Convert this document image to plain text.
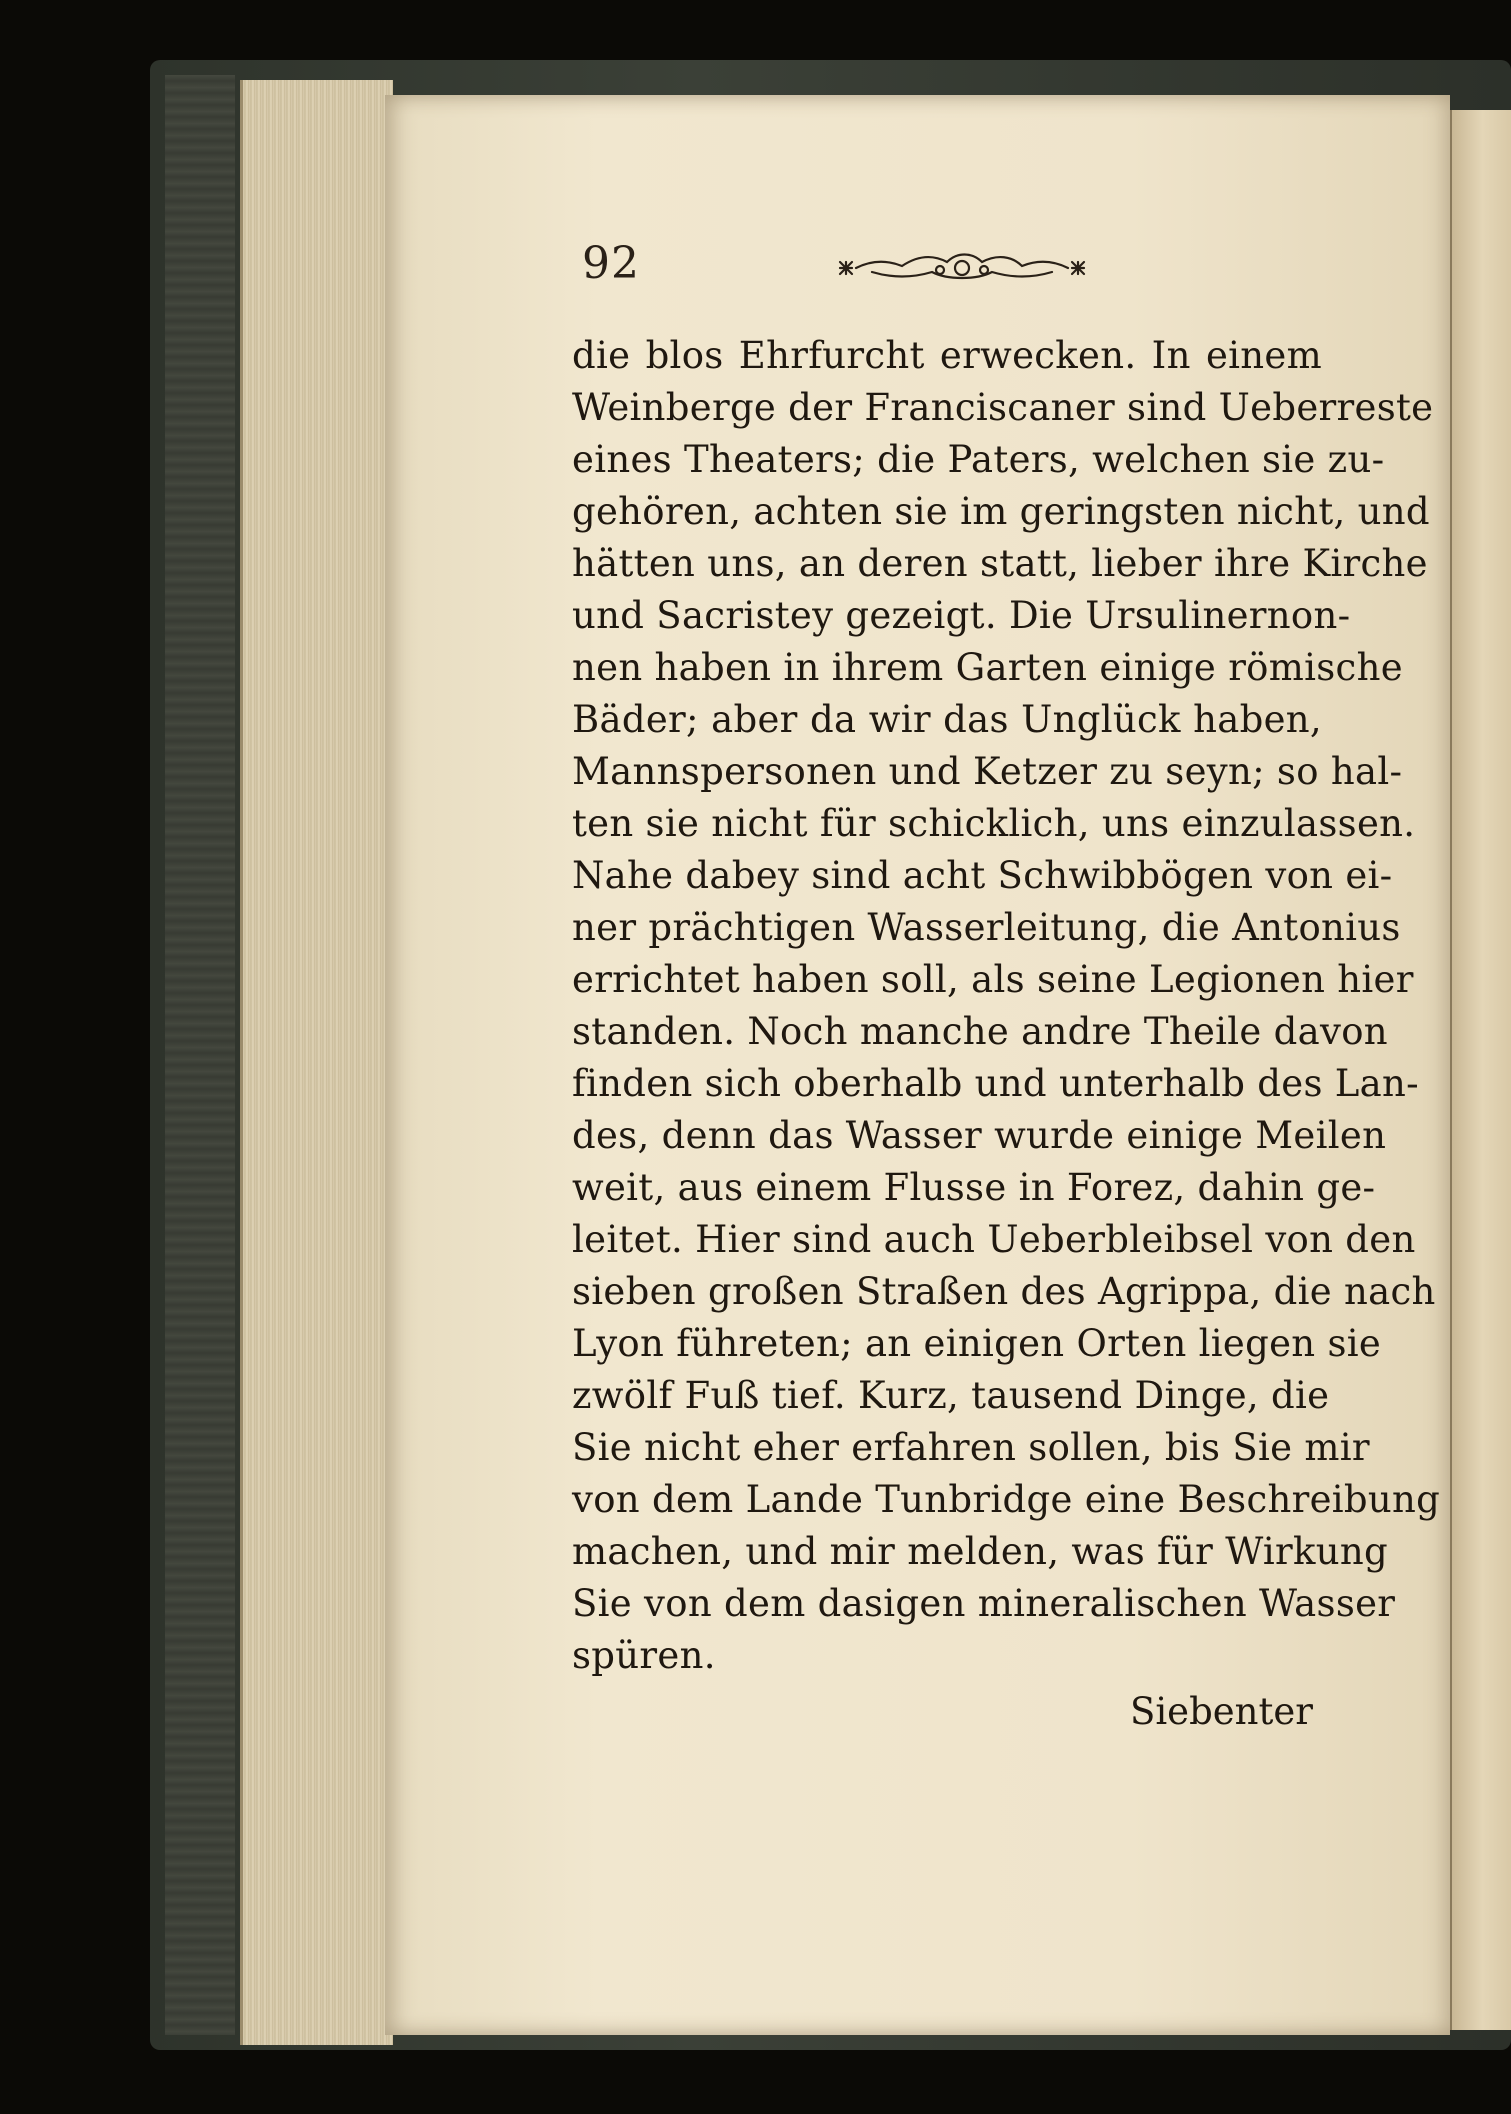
92
die blos Ehrfurcht erwecken. In einem
Weinberge der Franciscaner sind Ueberreste
eines Theaters; die Paters, welchen sie zu-
gehören, achten sie im geringsten nicht, und
hätten uns, an deren statt, lieber ihre Kirche
und Sacristey gezeigt. Die Ursulinernon-
nen haben in ihrem Garten einige römische
Bäder; aber da wir das Unglück haben,
Mannspersonen und Ketzer zu seyn; so hal-
ten sie nicht für schicklich, uns einzulassen.
Nahe dabey sind acht Schwibbögen von ei-
ner prächtigen Wasserleitung, die Antonius
errichtet haben soll, als seine Legionen hier
standen. Noch manche andre Theile davon
finden sich oberhalb und unterhalb des Lan-
des, denn das Wasser wurde einige Meilen
weit, aus einem Flusse in Forez, dahin ge-
leitet. Hier sind auch Ueberbleibsel von den
sieben großen Straßen des Agrippa, die nach
Lyon führeten; an einigen Orten liegen sie
zwölf Fuß tief. Kurz, tausend Dinge, die
Sie nicht eher erfahren sollen, bis Sie mir
von dem Lande Tunbridge eine Beschreibung
machen, und mir melden, was für Wirkung
Sie von dem dasigen mineralischen Wasser
spüren.
Siebenter
